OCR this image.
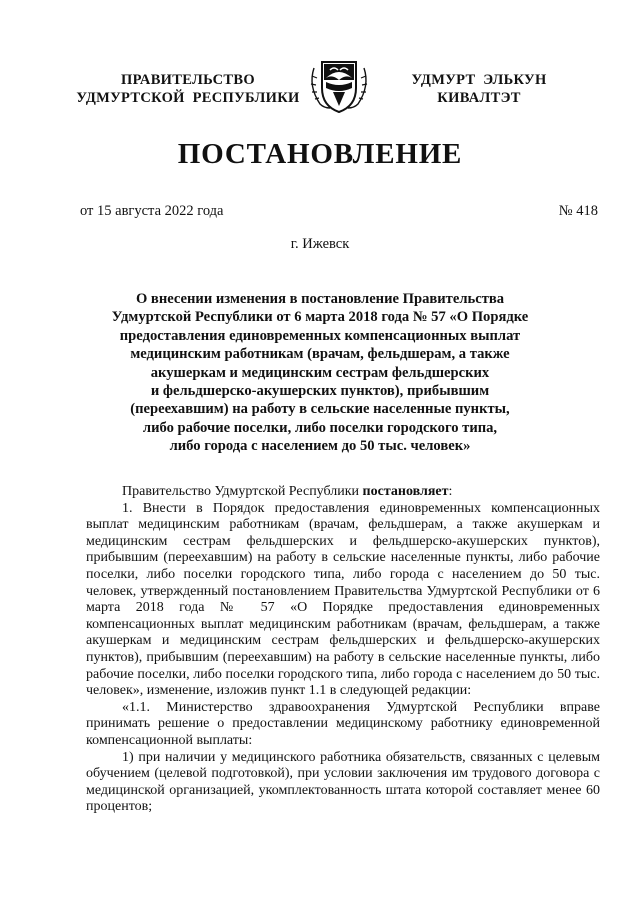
ПРАВИТЕЛЬСТВО
УДМУРТСКОЙ  РЕСПУБЛИКИ
УДМУРТ  ЭЛЬКУН
КИВАЛТЭТ
ПОСТАНОВЛЕНИЕ
от 15 августа 2022 года	№ 418
г. Ижевск
О внесении изменения в постановление Правительства
Удмуртской Республики от 6 марта 2018 года № 57 «О Порядке
предоставления единовременных компенсационных выплат
медицинским работникам (врачам, фельдшерам, а также
акушеркам и медицинским сестрам фельдшерских
и фельдшерско-акушерских пунктов), прибывшим
(переехавшим) на работу в сельские населенные пункты,
либо рабочие поселки, либо поселки городского типа,
либо города с населением до 50 тыс. человек»

Правительство Удмуртской Республики постановляет:

1. Внести в Порядок предоставления единовременных компенсационных выплат медицинским работникам (врачам, фельдшерам, а также акушеркам и медицинским сестрам фельдшерских и фельдшерско-акушерских пунктов), прибывшим (переехавшим) на работу в сельские населенные пункты, либо рабочие поселки, либо поселки городского типа, либо города с населением до 50 тыс. человек, утвержденный постановлением Правительства Удмуртской Республики от 6 марта 2018 года № 57 «О Порядке предоставления единовременных компенсационных выплат медицинским работникам (врачам, фельдшерам, а также акушеркам и медицинским сестрам фельдшерских и фельдшерско-акушерских пунктов), прибывшим (переехавшим) на работу в сельские населенные пункты, либо рабочие поселки, либо поселки городского типа, либо города с населением до 50 тыс. человек», изменение, изложив пункт 1.1 в следующей редакции:

«1.1. Министерство здравоохранения Удмуртской Республики вправе принимать решение о предоставлении медицинскому работнику единовременной компенсационной выплаты:

1) при наличии у медицинского работника обязательств, связанных с целевым обучением (целевой подготовкой), при условии заключения им трудового договора с медицинской организацией, укомплектованность штата которой составляет менее 60 процентов;
